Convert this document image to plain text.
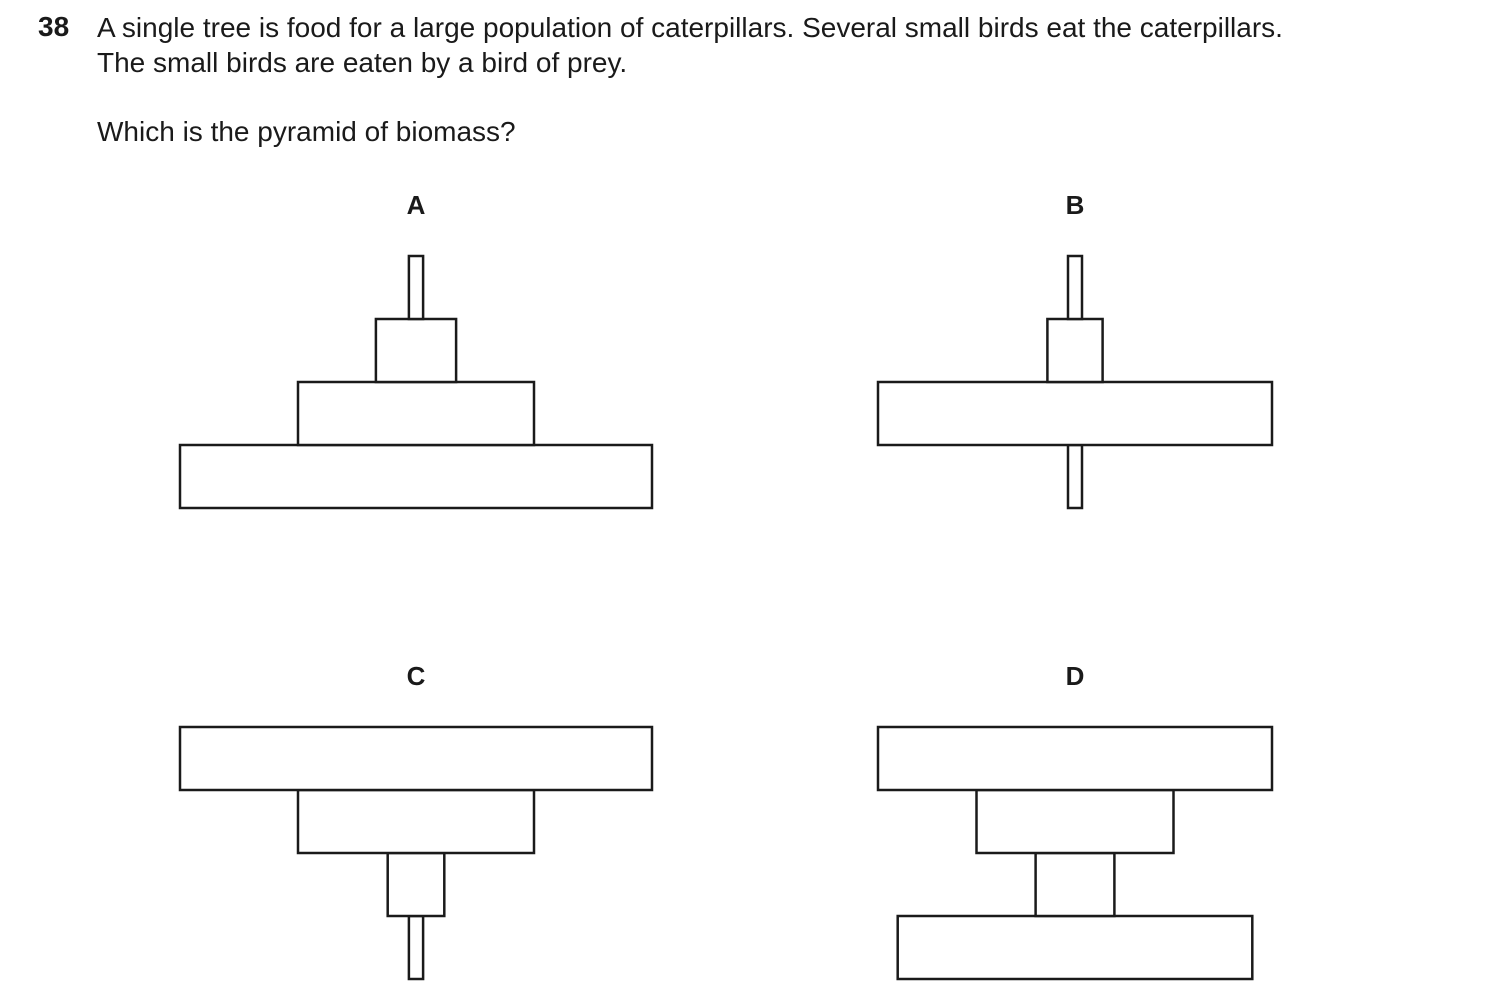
38 A single tree is food for a large population of caterpillars. Several small birds eat the caterpillars.
The small birds are eaten by a bird of prey.
Which is the pyramid of biomass?
A	B
C	D
